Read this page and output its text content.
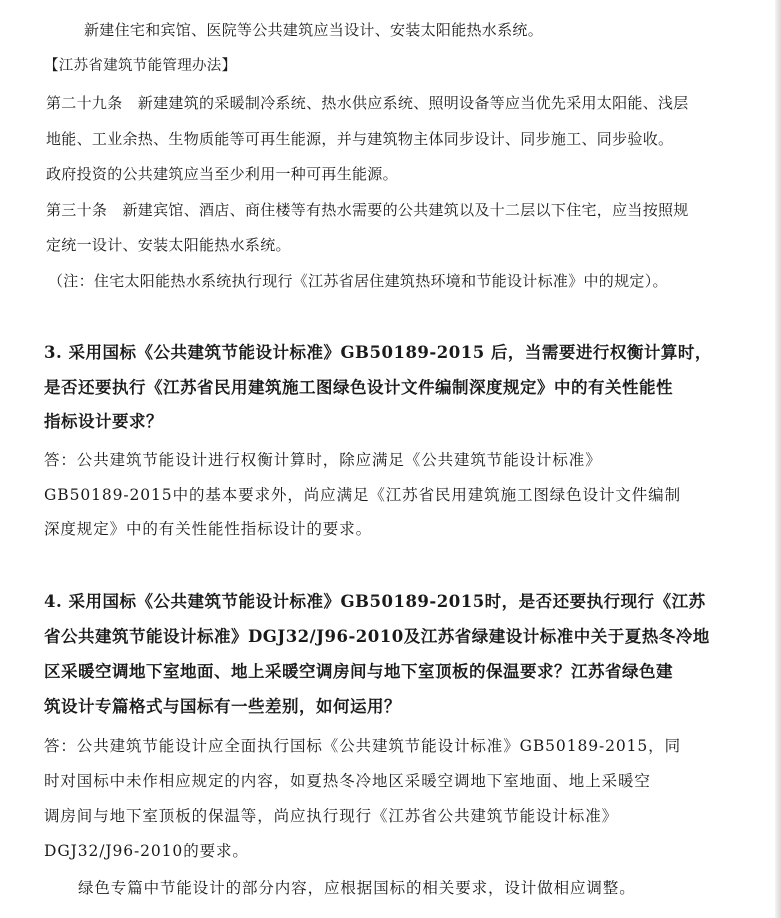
新建住宅和宾馆、医院等公共建筑应当设计、安装太阳能热水系统。
【江苏省建筑节能管理办法】
第二十九条　新建建筑的采暖制冷系统、热水供应系统、照明设备等应当优先采用太阳能、浅层
地能、工业余热、生物质能等可再生能源，并与建筑物主体同步设计、同步施工、同步验收。
政府投资的公共建筑应当至少利用一种可再生能源。
第三十条　新建宾馆、酒店、商住楼等有热水需要的公共建筑以及十二层以下住宅，应当按照规
定统一设计、安装太阳能热水系统。
（注：住宅太阳能热水系统执行现行《江苏省居住建筑热环境和节能设计标准》中的规定）。
3. 采用国标《公共建筑节能设计标准》GB50189-2015 后，当需要进行权衡计算时，
是否还要执行《江苏省民用建筑施工图绿色设计文件编制深度规定》中的有关性能性
指标设计要求？
答：公共建筑节能设计进行权衡计算时，除应满足《公共建筑节能设计标准》
GB50189-2015中的基本要求外，尚应满足《江苏省民用建筑施工图绿色设计文件编制
深度规定》中的有关性能性指标设计的要求。
4. 采用国标《公共建筑节能设计标准》GB50189-2015时，是否还要执行现行《江苏
省公共建筑节能设计标准》DGJ32/J96-2010及江苏省绿建设计标准中关于夏热冬冷地
区采暖空调地下室地面、地上采暖空调房间与地下室顶板的保温要求？江苏省绿色建
筑设计专篇格式与国标有一些差别，如何运用？
答：公共建筑节能设计应全面执行国标《公共建筑节能设计标准》GB50189-2015，同
时对国标中未作相应规定的内容，如夏热冬冷地区采暖空调地下室地面、地上采暖空
调房间与地下室顶板的保温等，尚应执行现行《江苏省公共建筑节能设计标准》
DGJ32/J96-2010的要求。
绿色专篇中节能设计的部分内容，应根据国标的相关要求，设计做相应调整。
